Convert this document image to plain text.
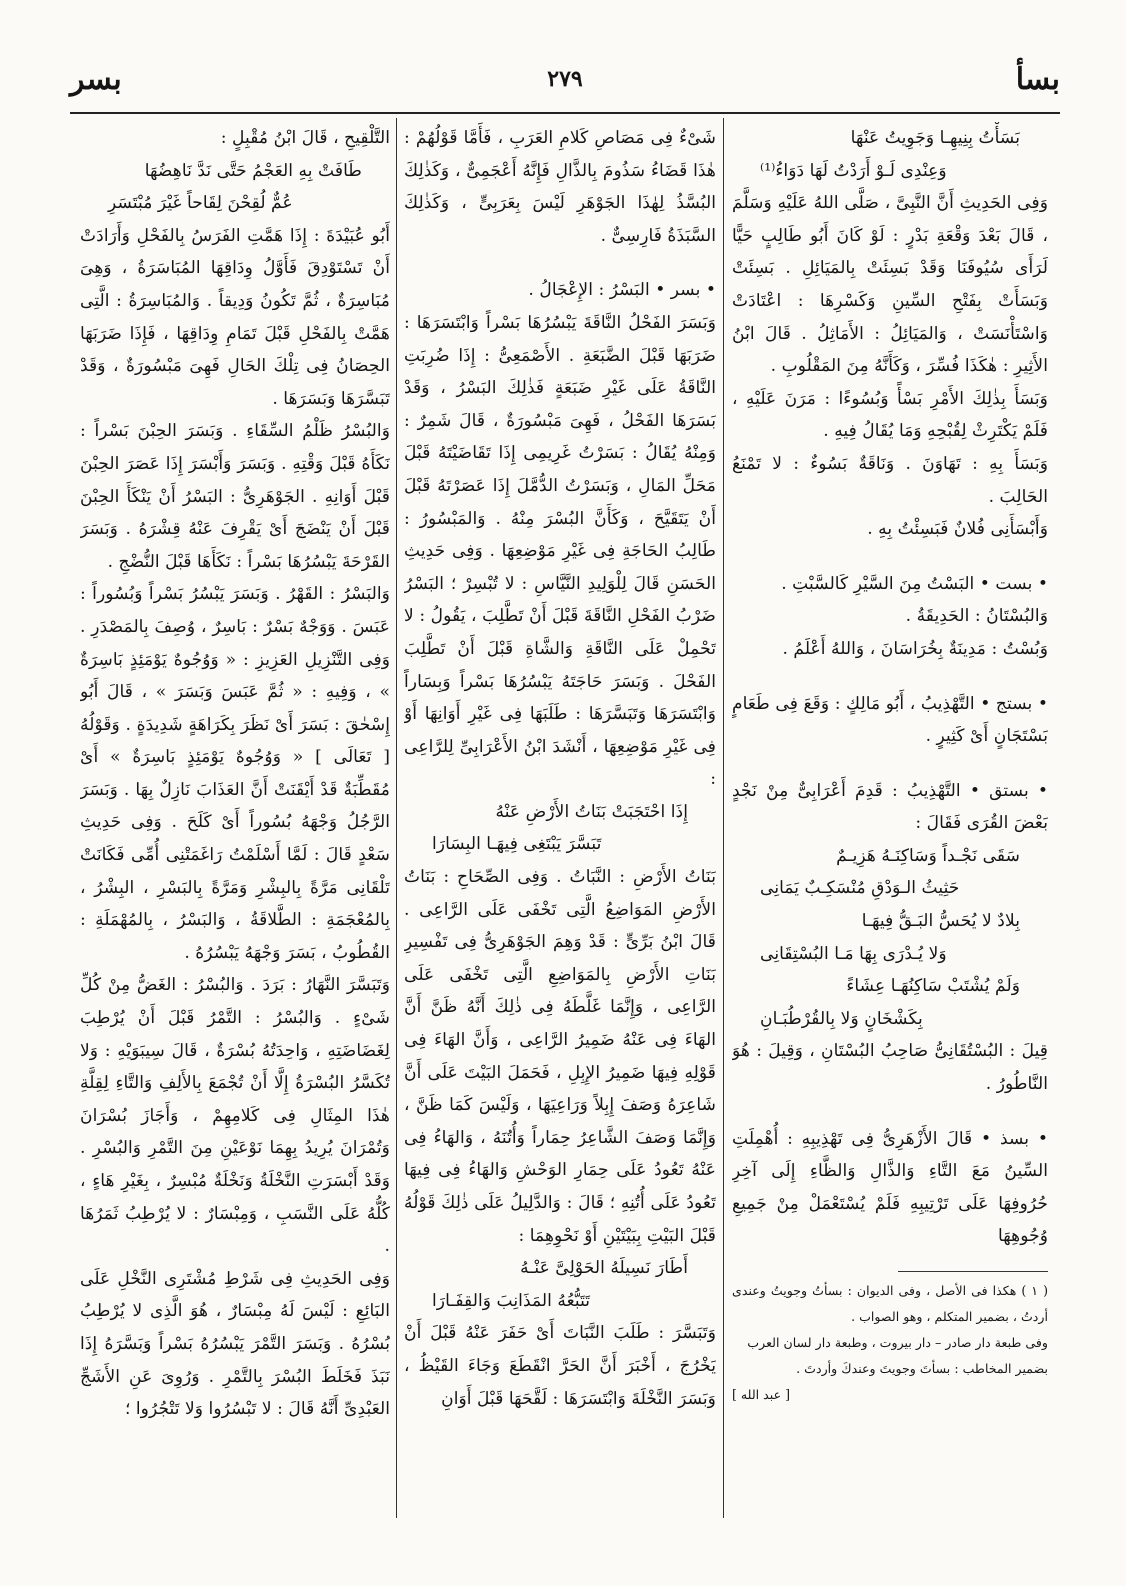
بسأ
٢٧٩
بسر

بَسَأْتُ بِنِيهِـا وَجَوِيتُ عَنْهَا

وَعِنْدِى لَـوْ أَرَدْتُ لَهَا دَوَاءُ⁽¹⁾

وَفِى الحَدِيثِ أَنَّ النَّبِىَّ ، صَلَّى اللهُ عَلَيْهِ وَسَلَّمَ ، قَالَ بَعْدَ وَقْعَةِ بَدْرٍ : لَوْ كَانَ أَبُو طَالِبٍ حَيًّا لَرَأَى سُيُوفَنَا وَقَدْ بَسِئَتْ بِالمَيَائِلِ . بَسِئَتْ وَبَسَأَتْ بِفَتْحِ السِّينِ وَكَسْرِهَا : اعْتَادَتْ وَاسْتَأْنَسَتْ ، وَالمَيَائِلُ : الأَمَاثِلُ . قَالَ ابْنُ الأَثِيرِ : هٰكَذَا فُسِّرَ ، وَكَأَنَّهُ مِنَ المَقْلُوبِ .

وَبَسَأَ بِذٰلِكَ الأَمْرِ بَسْأً وَبُسُوءًا : مَرَنَ عَلَيْهِ ، فَلَمْ يَكْتَرِثْ لِقُبْحِهِ وَمَا يُقَالُ فِيهِ .

وَبَسَأَ بِهِ : تَهَاوَنَ . وَنَاقَةٌ بَسُوءٌ : لا تَمْنَعُ الحَالِبَ .

وَأَبْسَأَنِى فُلانٌ فَبَسِئْتُ بِهِ .

• بست • البَسْتُ مِنَ السَّيْرِ كَالسَّبْتِ .

وَالبُسْتَانُ : الحَدِيقَةُ .

وَبُسْتُ : مَدِينَةٌ بِخُرَاسَانَ ، وَاللهُ أَعْلَمُ .

• بستج • التَّهْذِيبُ ، أَبُو مَالِكٍ : وَقَعَ فِى طَعَامٍ بَسْتَجَانٍ أَىْ كَثِيرٍ .

• بستق • التَّهْذِيبُ : قَدِمَ أَعْرَابِىٌّ مِنْ نَجْدٍ بَعْضَ القُرَى فَقَالَ :

سَقَى نَجْـداً وَسَاكِنَـهُ هَزِيـمٌ

حَثِيثُ الـوَدْقِ مُنْسَكِـبٌ يَمَانِى

بِلادٌ لا يُحَسُّ البَـقُّ فِيهَـا

وَلا يُـدْرَى بِهَا مَـا البُسْتِقَانِى

وَلَمْ يُشْتَبْ سَاكِنُهَـا عِشَاءً

بِكَشْخَانٍ وَلا بِالقُرْطُبَـانِ

قِيلَ : البُسْتُقَانِىُّ صَاحِبُ البُسْتَانِ ، وَقِيلَ : هُوَ النَّاطُورُ .

• بسذ • قَالَ الأَزْهَرِىُّ فِى تَهْذِيبِهِ : أُهْمِلَتِ السِّينُ مَعَ التَّاءِ وَالذَّالِ وَالظَّاءِ إِلَى آخِرِ حُرُوفِهَا عَلَى تَرْتِيبِهِ فَلَمْ يُسْتَعْمَلْ مِنْ جَمِيعِ وُجُوهِهَا

( ١ ) هكذا فى الأصل ، وفى الديوان : بسأتُ وجويتُ وعندى أردتُ ، بضمير المتكلم ، وهو الصواب .

وفى طبعة دار صادر – دار بيروت ، وطبعة دار لسان العرب

بضمير المخاطب : بسأتَ وجويتَ وعندكَ وأردتَ .

[ عبد الله ]

شَىْءٌ فِى مَصَاصِ كَلامِ العَرَبِ ، فَأَمَّا قَوْلُهُمْ : هٰذَا قَضَاءُ سَذُومَ بِالذَّالِ فَإِنَّهُ أَعْجَمِىٌّ ، وَكَذٰلِكَ البُسَّذُ لِهٰذَا الجَوْهَرِ لَيْسَ بِعَرَبِىٍّ ، وَكَذٰلِكَ السَّبَذَةُ فَارِسِىٌّ .

• بسر • البَسْرُ : الإِعْجَالُ .

وَبَسَرَ الفَحْلُ النَّاقَةَ يَبْسُرُهَا بَسْراً وَابْتَسَرَهَا : ضَرَبَهَا قَبْلَ الضَّبَعَةِ . الأَصْمَعِىُّ : إِذَا ضُرِبَتِ النَّاقَةُ عَلَى غَيْرِ ضَبَعَةٍ فَذٰلِكَ البَسْرُ ، وَقَدْ بَسَرَهَا الفَحْلُ ، فَهِىَ مَبْسُورَةٌ ، قَالَ شَمِرٌ : وَمِنْهُ يُقَالُ : بَسَرْتُ غَرِيمِى إِذَا تَقَاضَيْتَهُ قَبْلَ مَحَلِّ المَالِ ، وَبَسَرْتُ الدُّمَّلَ إِذَا عَصَرْتَهُ قَبْلَ أَنْ يَتَقَيَّحَ ، وَكَأَنَّ البُسْرَ مِنْهُ . وَالمَبْسُورُ : طَالِبُ الحَاجَةِ فِى غَيْرِ مَوْضِعِهَا . وَفِى حَدِيثِ الحَسَنِ قَالَ لِلْوَلِيدِ النَّيَّاسِ : لا تُبْسِرْ ؛ البَسْرُ ضَرْبُ الفَحْلِ النَّاقَةَ قَبْلَ أَنْ تَطَّلِبَ ، يَقُولُ : لا تَحْمِلْ عَلَى النَّاقَةِ وَالشَّاةِ قَبْلَ أَنْ تَطَّلِبَ الفَحْلَ . وَبَسَرَ حَاجَتَهُ يَبْسُرُهَا بَسْراً وَبِسَاراً وَابْتَسَرَهَا وَتَبَسَّرَهَا : طَلَبَهَا فِى غَيْرِ أَوَانِهَا أَوْ فِى غَيْرِ مَوْضِعِهَا ، أَنْشَدَ ابْنُ الأَعْرَابِىِّ لِلرَّاعِى :

إِذَا احْتَجَبَتْ بَنَاتُ الأَرْضِ عَنْهُ

تَبَسَّرَ يَبْتَغِى فِيهَـا البِسَارَا

بَنَاتُ الأَرْضِ : النَّبَاتُ . وَفِى الصِّحَاحِ : بَنَاتُ الأَرْضِ المَوَاضِعُ الَّتِى تَخْفَى عَلَى الرَّاعِى . قَالَ ابْنُ بَرِّىٍّ : قَدْ وَهِمَ الجَوْهَرِىُّ فِى تَفْسِيرِ بَنَاتِ الأَرْضِ بِالمَوَاضِعِ الَّتِى تَخْفَى عَلَى الرَّاعِى ، وَإِنَّمَا غَلَّطَهُ فِى ذٰلِكَ أَنَّهُ ظَنَّ أَنَّ الهَاءَ فِى عَنْهُ ضَمِيرُ الرَّاعِى ، وَأَنَّ الهَاءَ فِى قَوْلِهِ فِيهَا ضَمِيرُ الإِبِلِ ، فَحَمَلَ البَيْتَ عَلَى أَنَّ شَاعِرَهُ وَصَفَ إِبِلاً وَرَاعِيَهَا ، وَلَيْسَ كَمَا ظَنَّ ، وَإِنَّمَا وَصَفَ الشَّاعِرُ حِمَاراً وَأُتُنَهُ ، وَالهَاءُ فِى عَنْهُ تَعُودُ عَلَى حِمَارِ الوَحْشِ وَالهَاءُ فِى فِيهَا تَعُودُ عَلَى أُتُنِهِ ؛ قَالَ : وَالدَّلِيلُ عَلَى ذٰلِكَ قَوْلُهُ قَبْلَ البَيْتِ بِبَيْتَيْنِ أَوْ نَحْوِهِمَا :

أَطَارَ نَسِيلَهُ الحَوْلِىَّ عَنْـهُ

تَتَبُّعُهُ المَذَانِبَ وَالقِفَـارَا

وَتَبَسَّرَ : طَلَبَ النَّبَاتَ أَىْ حَفَرَ عَنْهُ قَبْلَ أَنْ يَخْرُجَ ، أَخْبَرَ أَنَّ الحَرَّ انْقَطَعَ وَجَاءَ القَيْظُ ، وَبَسَرَ النَّخْلَةَ وَابْتَسَرَهَا : لَقَّحَهَا قَبْلَ أَوَانِ

التَّلْقِيحِ ، قَالَ ابْنُ مُقْبِلٍ :

طَافَتْ بِهِ العَجْمُ حَتَّى نَدَّ نَاهِضُهَا

عُمٌّ لُقِحْنَ لِقَاحاً غَيْرَ مُبْتَسَرِ

أَبُو عُبَيْدَةَ : إِذَا هَمَّتِ الفَرَسُ بِالفَحْلِ وَأَرَادَتْ أَنْ تَسْتَوْدِقَ فَأَوَّلُ وِدَاقِهَا المُبَاسَرَةُ ، وَهِىَ مُبَاسِرَةٌ ، ثُمَّ تَكُونُ وَدِيقاً . وَالمُبَاسِرَةُ : الَّتِى هَمَّتْ بِالفَحْلِ قَبْلَ تَمَامِ وِدَاقِهَا ، فَإِذَا ضَرَبَهَا الحِصَانُ فِى تِلْكَ الحَالِ فَهِىَ مَبْسُورَةٌ ، وَقَدْ تَبَسَّرَهَا وَبَسَرَهَا .

وَالبُسْرُ ظَلْمُ السِّقَاءِ . وَبَسَرَ الحِبْنَ بَسْراً : نَكَأَهُ قَبْلَ وَقْتِهِ . وَبَسَرَ وَأَبْسَرَ إِذَا عَصَرَ الحِبْنَ قَبْلَ أَوَانِهِ . الجَوْهَرِىُّ : البَسْرُ أَنْ يَنْكَأَ الحِبْنَ قَبْلَ أَنْ يَنْضَجَ أَىْ يَقْرِفَ عَنْهُ قِشْرَهُ . وَبَسَرَ القَرْحَةَ يَبْسُرُهَا بَسْراً : نَكَأَهَا قَبْلَ النُّضْجِ .

وَالبَسْرُ : القَهْرُ . وَبَسَرَ يَبْسُرُ بَسْراً وَبُسُوراً : عَبَسَ . وَوَجْهٌ بَسْرٌ : بَاسِرٌ ، وُصِفَ بِالمَصْدَرِ . وَفِى التَّنْزِيلِ العَزِيزِ : « وَوُجُوهٌ يَوْمَئِذٍ بَاسِرَةٌ » ، وَفِيهِ : « ثُمَّ عَبَسَ وَبَسَرَ » ، قَالَ أَبُو إِسْحٰقَ : بَسَرَ أَىْ نَظَرَ بِكَرَاهَةٍ شَدِيدَةٍ . وَقَوْلُهُ [ تَعَالَى ] « وَوُجُوهٌ يَوْمَئِذٍ بَاسِرَةٌ » أَىْ مُقَطِّبَةٌ قَدْ أَيْقَنَتْ أَنَّ العَذَابَ نَازِلٌ بِهَا . وَبَسَرَ الرَّجُلُ وَجْهَهُ بُسُوراً أَىْ كَلَحَ . وَفِى حَدِيثِ سَعْدٍ قَالَ : لَمَّا أَسْلَمْتُ رَاغَمَتْنِى أُمِّى فَكَانَتْ تَلْقَانِى مَرَّةً بِالبِشْرِ وَمَرَّةً بِالبَسْرِ ، البِشْرُ ، بِالمُعْجَمَةِ : الطَّلاقَةُ ، وَالبَسْرُ ، بِالمُهْمَلَةِ : القُطُوبُ ، بَسَرَ وَجْهَهُ يَبْسُرُهُ .

وَتَبَسَّرَ النَّهَارُ : بَرَدَ . وَالبُسْرُ : الغَضُّ مِنْ كُلِّ شَىْءٍ . وَالبُسْرُ : التَّمْرُ قَبْلَ أَنْ يُرْطِبَ لِغَضَاضَتِهِ ، وَاحِدَتُهُ بُسْرَةٌ ، قَالَ سِيبَوَيْهِ : وَلا تُكَسَّرُ البُسْرَةُ إِلَّا أَنْ تُجْمَعَ بِالأَلِفِ وَالتَّاءِ لِقِلَّةِ هٰذَا المِثَالِ فِى كَلامِهِمْ ، وَأَجَازَ بُسْرَانَ وَتُمْرَانَ يُرِيدُ بِهِمَا نَوْعَيْنِ مِنَ التَّمْرِ وَالبُسْرِ . وَقَدْ أَبْسَرَتِ النَّخْلَةُ وَنَخْلَةٌ مُبْسِرٌ ، بِغَيْرِ هَاءٍ ، كُلُّهُ عَلَى النَّسَبِ ، وَمِبْسَارٌ : لا يُرْطِبُ ثَمَرُهَا .

وَفِى الحَدِيثِ فِى شَرْطِ مُشْتَرِى النَّخْلِ عَلَى البَائِعِ : لَيْسَ لَهُ مِبْسَارٌ ، هُوَ الَّذِى لا يُرْطِبُ بُسْرُهُ . وَبَسَرَ التَّمْرَ يَبْسُرُهُ بَسْراً وَبَسَّرَهُ إِذَا نَبَذَ فَخَلَطَ البُسْرَ بِالتَّمْرِ . وَرُوِىَ عَنِ الأَشَجِّ العَبْدِىِّ أَنَّهُ قَالَ : لا تَبْسُرُوا وَلا تَتْجُرُوا ؛
